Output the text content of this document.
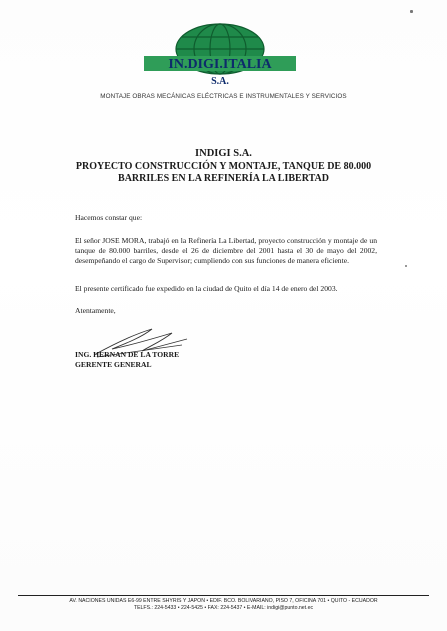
IN.DIGI.ITALIA
S.A.
MONTAJE OBRAS MECÁNICAS ELÉCTRICAS E INSTRUMENTALES Y SERVICIOS
INDIGI S.A.
PROYECTO CONSTRUCCIÓN Y MONTAJE, TANQUE DE 80.000
BARRILES EN LA REFINERÍA LA LIBERTAD
Hacemos constar que:
El señor JOSE MORA, trabajó en la Refinería La Libertad, proyecto construcción y montaje de un tanque de 80.000 barriles, desde el 26 de diciembre del 2001 hasta el 30 de mayo del 2002, desempeñando el cargo de Supervisor; cumpliendo con sus funciones de manera eficiente.
El presente certificado fue expedido en la ciudad de Quito el día 14 de enero del 2003.
Atentamente,
ING. HERNAN DE LA TORRE
GERENTE GENERAL
AV. NACIONES UNIDAS E6-99 ENTRE SHYRIS Y JAPON • EDIF. BCO. BOLIVARIANO, PISO 7, OFICINA 701 • QUITO - ECUADOR
TELFS.: 224-5433 • 224-5425 • FAX: 224-5437 • E-MAIL: indigi@punto.net.ec
